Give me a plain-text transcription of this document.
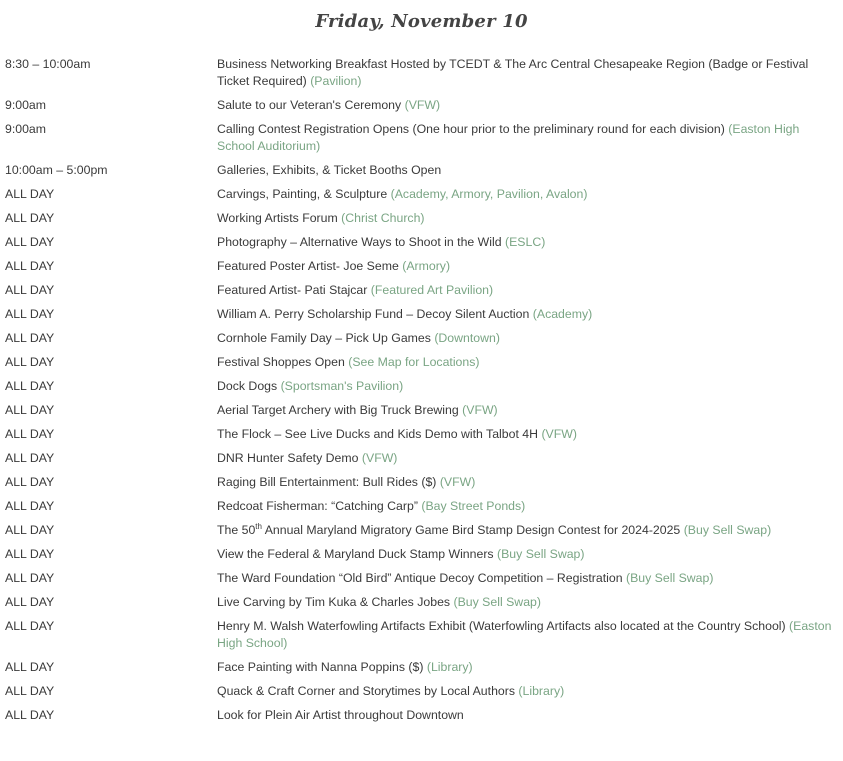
Friday, November 10
8:30 – 10:00am	Business Networking Breakfast Hosted by TCEDT & The Arc Central Chesapeake Region (Badge or Festival Ticket Required) (Pavilion)
9:00am	Salute to our Veteran's Ceremony (VFW)
9:00am	Calling Contest Registration Opens (One hour prior to the preliminary round for each division) (Easton High School Auditorium)
10:00am – 5:00pm	Galleries, Exhibits, & Ticket Booths Open
ALL DAY	Carvings, Painting, & Sculpture (Academy, Armory, Pavilion, Avalon)
ALL DAY	Working Artists Forum (Christ Church)
ALL DAY	Photography – Alternative Ways to Shoot in the Wild (ESLC)
ALL DAY	Featured Poster Artist- Joe Seme (Armory)
ALL DAY	Featured Artist- Pati Stajcar (Featured Art Pavilion)
ALL DAY	William A. Perry Scholarship Fund – Decoy Silent Auction (Academy)
ALL DAY	Cornhole Family Day – Pick Up Games (Downtown)
ALL DAY	Festival Shoppes Open (See Map for Locations)
ALL DAY	Dock Dogs (Sportsman's Pavilion)
ALL DAY	Aerial Target Archery with Big Truck Brewing (VFW)
ALL DAY	The Flock – See Live Ducks and Kids Demo with Talbot 4H (VFW)
ALL DAY	DNR Hunter Safety Demo (VFW)
ALL DAY	Raging Bill Entertainment: Bull Rides ($) (VFW)
ALL DAY	Redcoat Fisherman: “Catching Carp” (Bay Street Ponds)
ALL DAY	The 50th Annual Maryland Migratory Game Bird Stamp Design Contest for 2024-2025 (Buy Sell Swap)
ALL DAY	View the Federal & Maryland Duck Stamp Winners (Buy Sell Swap)
ALL DAY	The Ward Foundation “Old Bird” Antique Decoy Competition – Registration (Buy Sell Swap)
ALL DAY	Live Carving by Tim Kuka & Charles Jobes (Buy Sell Swap)
ALL DAY	Henry M. Walsh Waterfowling Artifacts Exhibit (Waterfowling Artifacts also located at the Country School) (Easton High School)
ALL DAY	Face Painting with Nanna Poppins ($) (Library)
ALL DAY	Quack & Craft Corner and Storytimes by Local Authors (Library)
ALL DAY	Look for Plein Air Artist throughout Downtown
